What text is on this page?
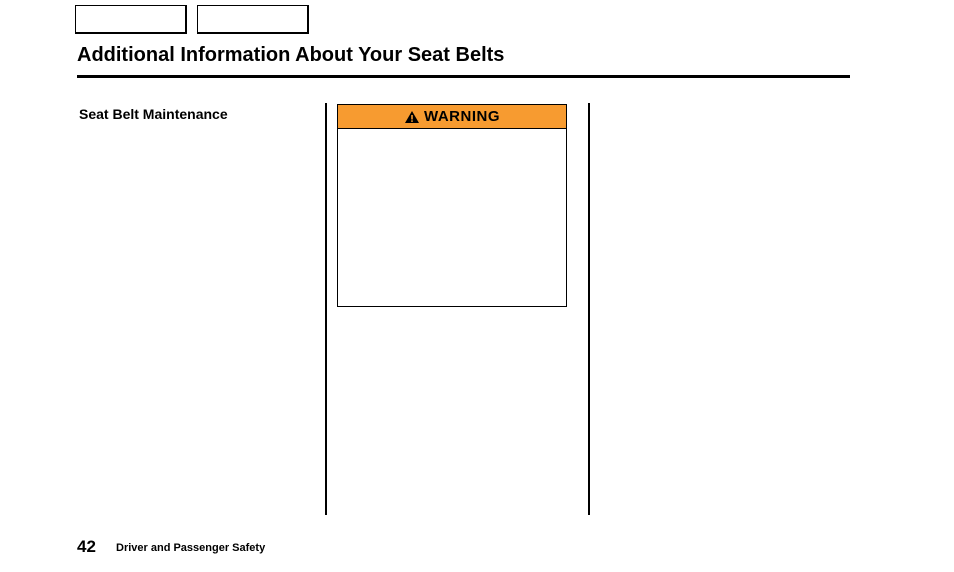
Additional Information About Your Seat Belts
Seat Belt Maintenance	WARNING
42 Driver and Passenger Safety
